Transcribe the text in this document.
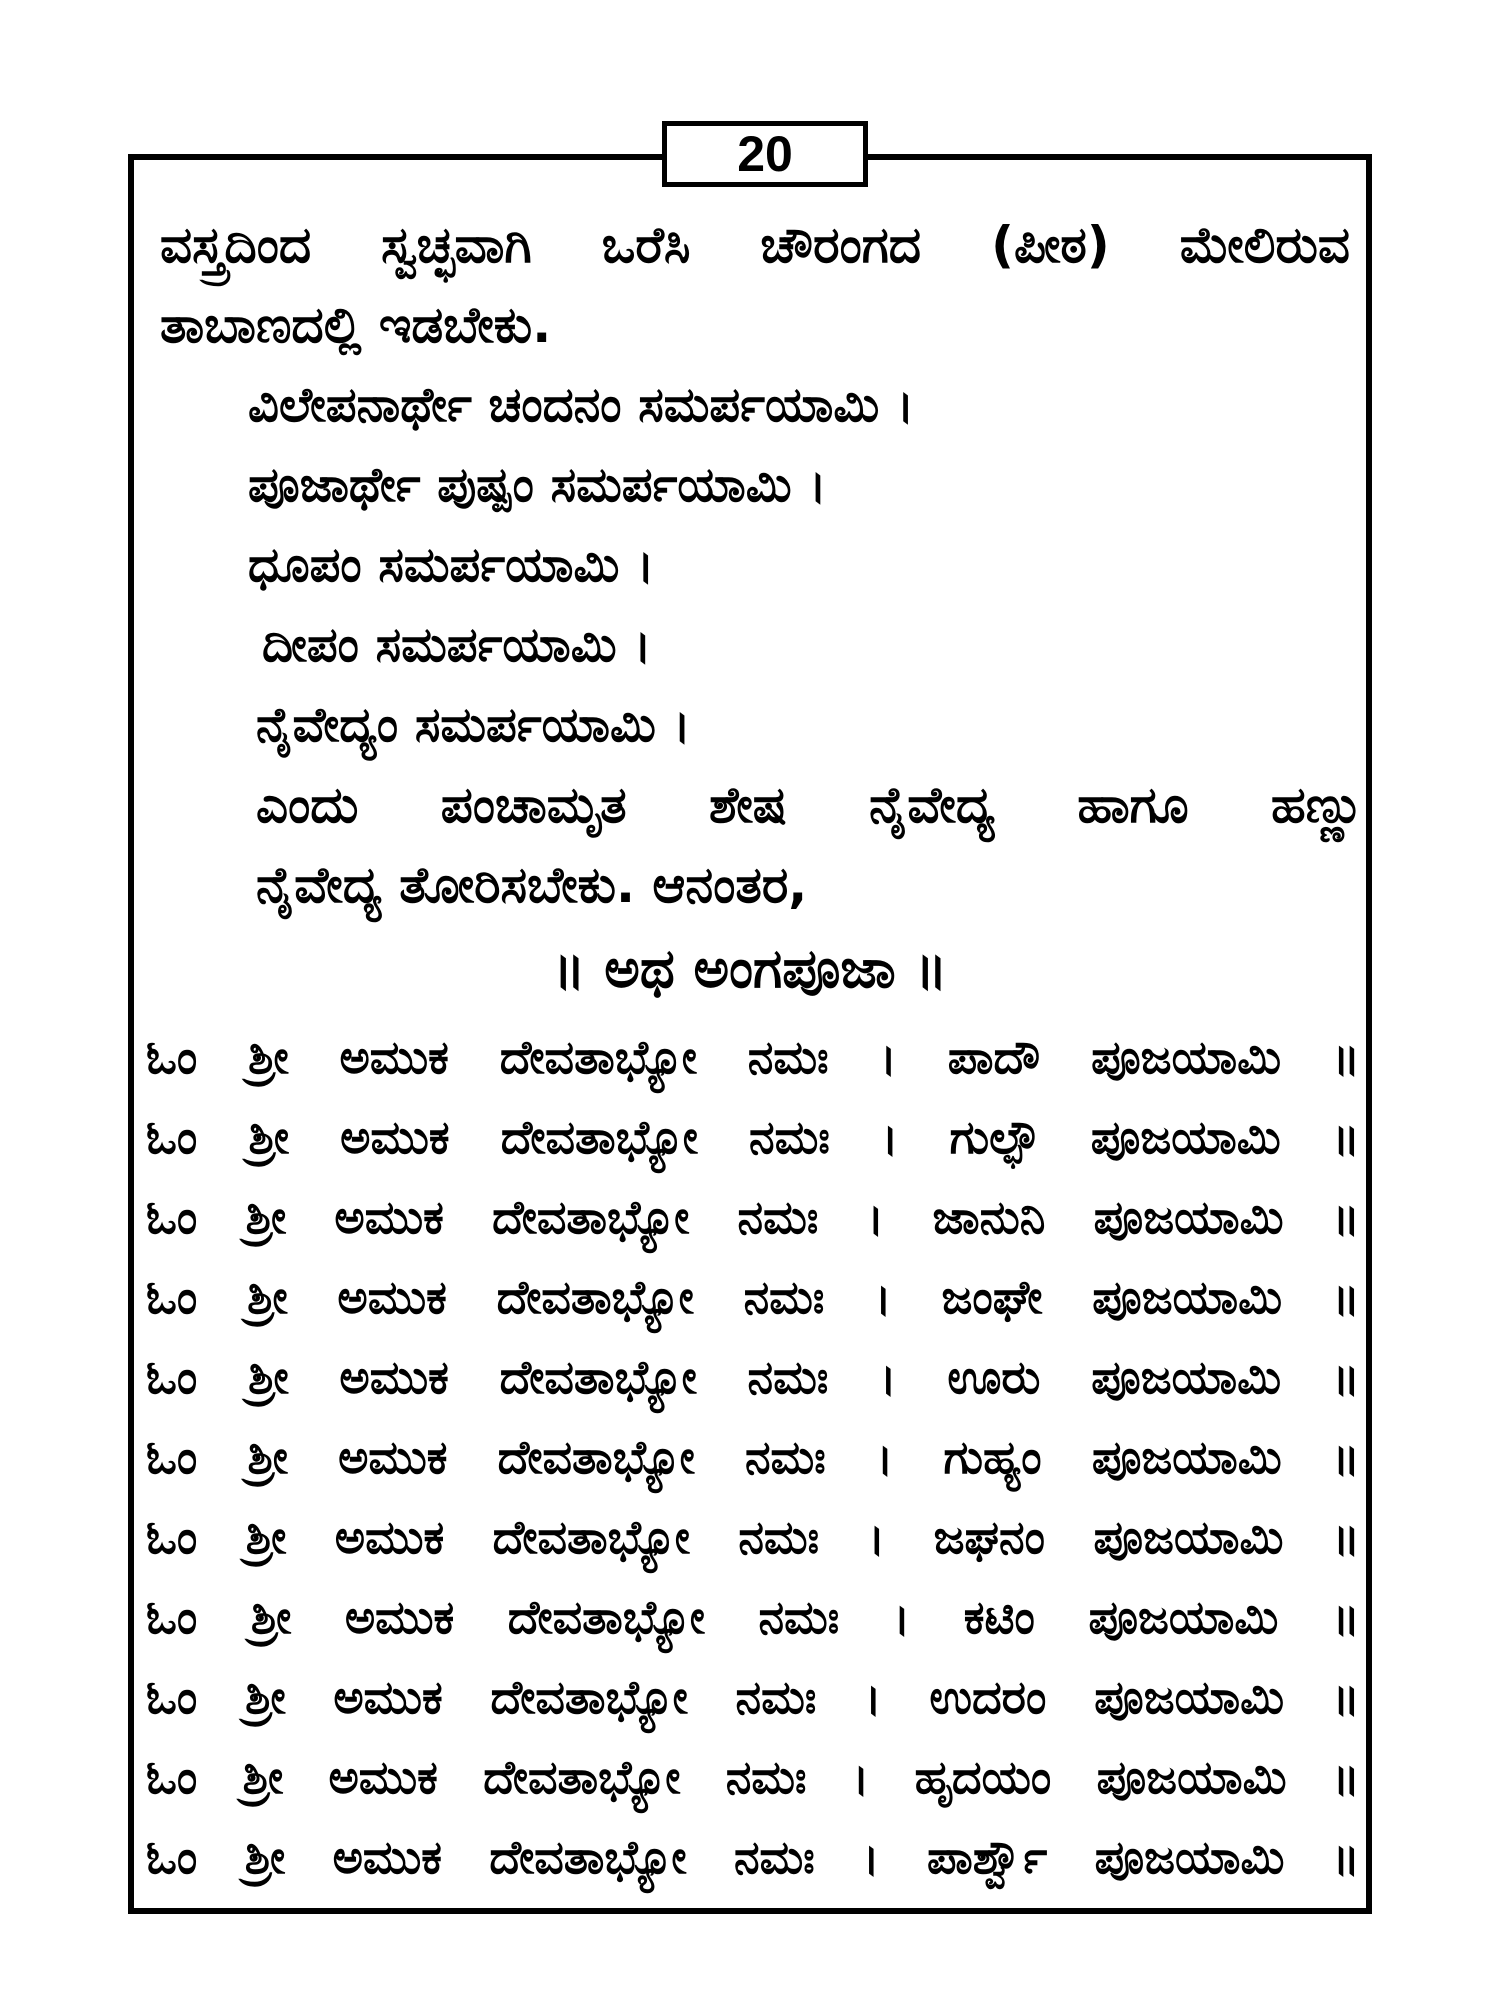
20
ವಸ್ತ್ರದಿಂದ ಸ್ವಚ್ಛವಾಗಿ ಒರೆಸಿ ಚೌರಂಗದ (ಪೀಠ) ಮೇಲಿರುವ
ತಾಬಾಣದಲ್ಲಿ ಇಡಬೇಕು.
ವಿಲೇಪನಾರ್ಥೇ ಚಂದನಂ ಸಮರ್ಪಯಾಮಿ ।
ಪೂಜಾರ್ಥೇ ಪುಷ್ಪಂ ಸಮರ್ಪಯಾಮಿ ।
ಧೂಪಂ ಸಮರ್ಪಯಾಮಿ ।
ದೀಪಂ ಸಮರ್ಪಯಾಮಿ ।
ನೈವೇದ್ಯಂ ಸಮರ್ಪಯಾಮಿ ।
ಎಂದು ಪಂಚಾಮೃತ ಶೇಷ ನೈವೇದ್ಯ ಹಾಗೂ ಹಣ್ಣು
ನೈವೇದ್ಯ ತೋರಿಸಬೇಕು. ಆನಂತರ,
॥ ಅಥ ಅಂಗಪೂಜಾ ॥
ಓಂ ಶ್ರೀ ಅಮುಕ ದೇವತಾಭ್ಯೋ ನಮಃ । ಪಾದೌ ಪೂಜಯಾಮಿ ॥
ಓಂ ಶ್ರೀ ಅಮುಕ ದೇವತಾಭ್ಯೋ ನಮಃ । ಗುಲ್ಫೌ ಪೂಜಯಾಮಿ ॥
ಓಂ ಶ್ರೀ ಅಮುಕ ದೇವತಾಭ್ಯೋ ನಮಃ । ಜಾನುನಿ ಪೂಜಯಾಮಿ ॥
ಓಂ ಶ್ರೀ ಅಮುಕ ದೇವತಾಭ್ಯೋ ನಮಃ । ಜಂಘೇ ಪೂಜಯಾಮಿ ॥
ಓಂ ಶ್ರೀ ಅಮುಕ ದೇವತಾಭ್ಯೋ ನಮಃ । ಊರು ಪೂಜಯಾಮಿ ॥
ಓಂ ಶ್ರೀ ಅಮುಕ ದೇವತಾಭ್ಯೋ ನಮಃ । ಗುಹ್ಯಂ ಪೂಜಯಾಮಿ ॥
ಓಂ ಶ್ರೀ ಅಮುಕ ದೇವತಾಭ್ಯೋ ನಮಃ । ಜಘನಂ ಪೂಜಯಾಮಿ ॥
ಓಂ ಶ್ರೀ ಅಮುಕ ದೇವತಾಭ್ಯೋ ನಮಃ । ಕಟಿಂ ಪೂಜಯಾಮಿ ॥
ಓಂ ಶ್ರೀ ಅಮುಕ ದೇವತಾಭ್ಯೋ ನಮಃ । ಉದರಂ ಪೂಜಯಾಮಿ ॥
ಓಂ ಶ್ರೀ ಅಮುಕ ದೇವತಾಭ್ಯೋ ನಮಃ । ಹೃದಯಂ ಪೂಜಯಾಮಿ ॥
ಓಂ ಶ್ರೀ ಅಮುಕ ದೇವತಾಭ್ಯೋ ನಮಃ । ಪಾರ್ಶ್ವೌ ಪೂಜಯಾಮಿ ॥
